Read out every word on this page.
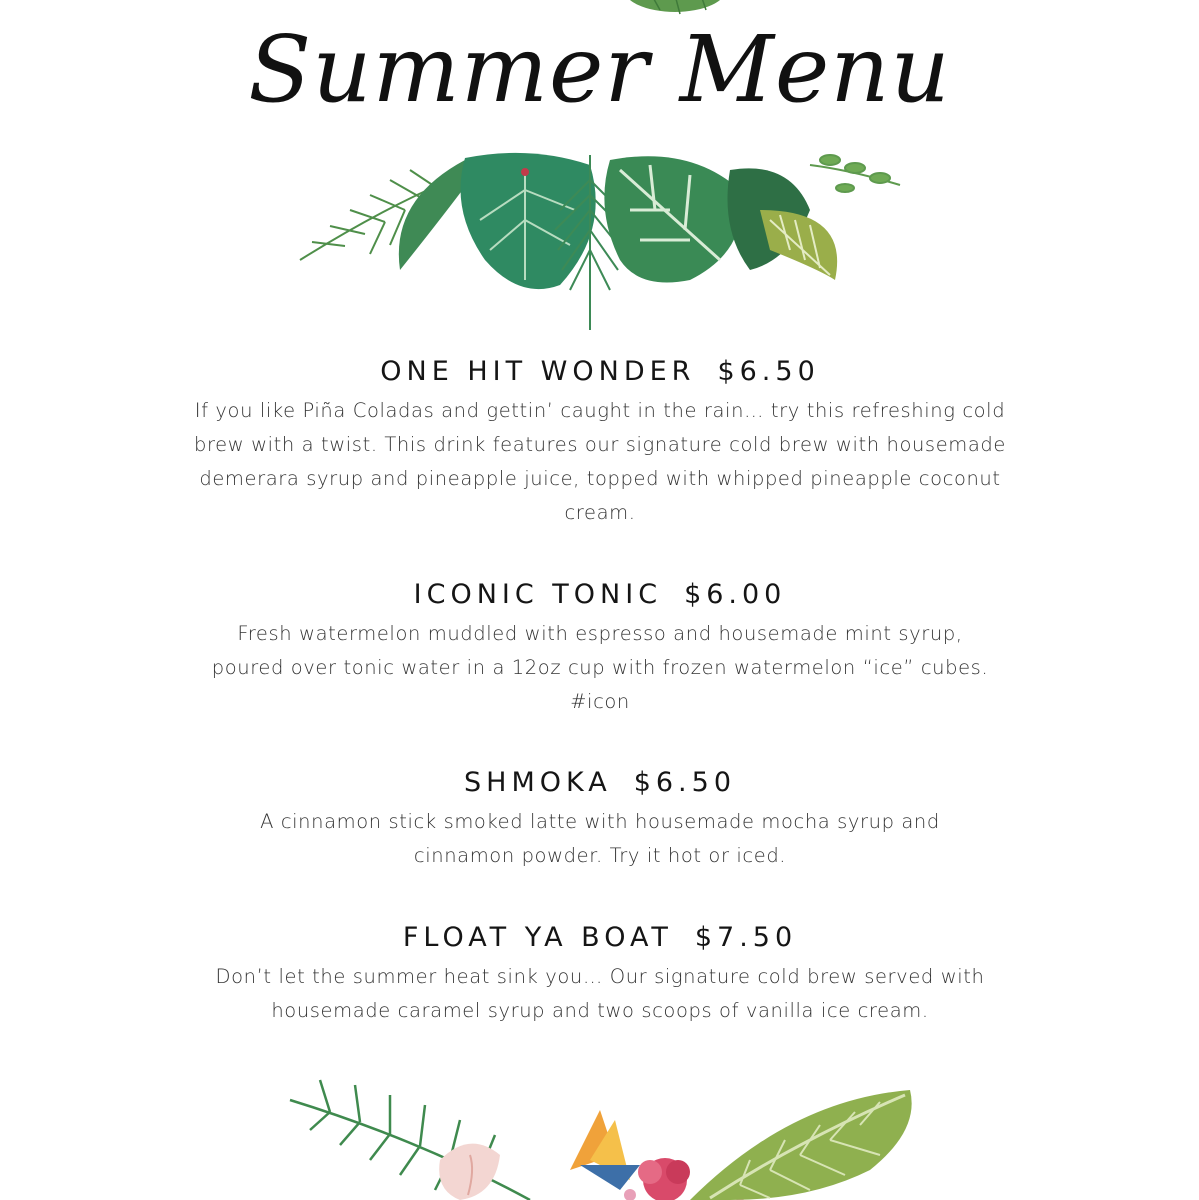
Summer Menu
ONE HIT WONDER $6.50
If you like Piña Coladas and gettin’ caught in the rain… try this refreshing cold brew with a twist. This drink features our signature cold brew with housemade demerara syrup and pineapple juice, topped with whipped pineapple coconut cream.
ICONIC TONIC $6.00
Fresh watermelon muddled with espresso and housemade mint syrup, poured over tonic water in a 12oz cup with frozen watermelon “ice” cubes. #icon
SHMOKA $6.50
A cinnamon stick smoked latte with housemade mocha syrup and cinnamon powder. Try it hot or iced.
FLOAT YA BOAT $7.50
Don’t let the summer heat sink you… Our signature cold brew served with housemade caramel syrup and two scoops of vanilla ice cream.
